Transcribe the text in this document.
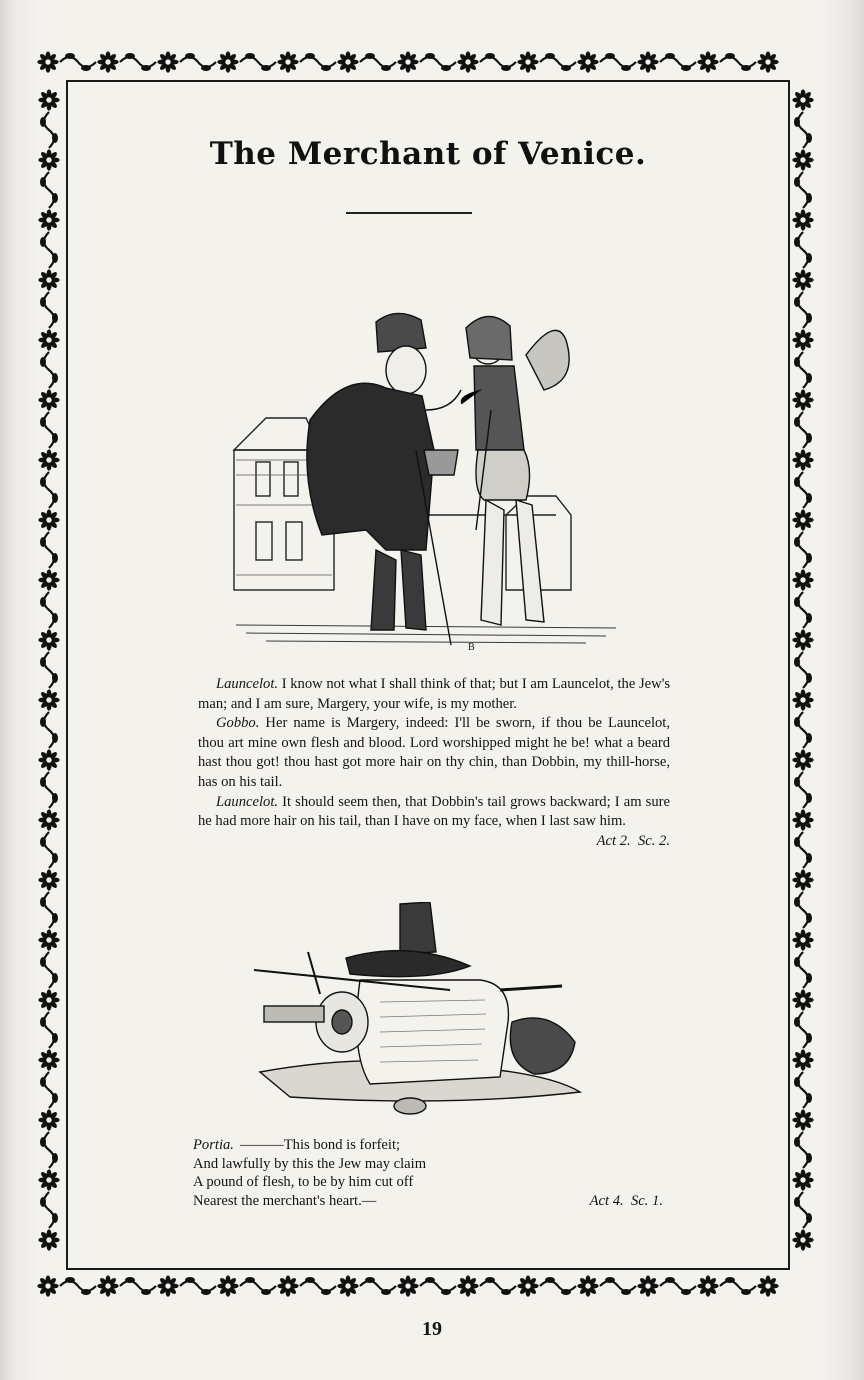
The Merchant of Venice.
B

Launcelot. I know not what I shall think of that; but I am Launcelot, the Jew's man; and I am sure, Margery, your wife, is my mother.

Gobbo. Her name is Margery, indeed: I'll be sworn, if thou be Launcelot, thou art mine own flesh and blood. Lord worshipped might he be! what a beard hast thou got! thou hast got more hair on thy chin, than Dobbin, my thill-horse, has on his tail.

Launcelot. It should seem then, that Dobbin's tail grows backward; I am sure he had more hair on his tail, than I have on my face, when I last saw him.
Act 2. Sc. 2.

Portia. ———This bond is forfeit;
And lawfully by this the Jew may claim
A pound of flesh, to be by him cut off
Nearest the merchant's heart.—	Act 4. Sc. 1.
19
